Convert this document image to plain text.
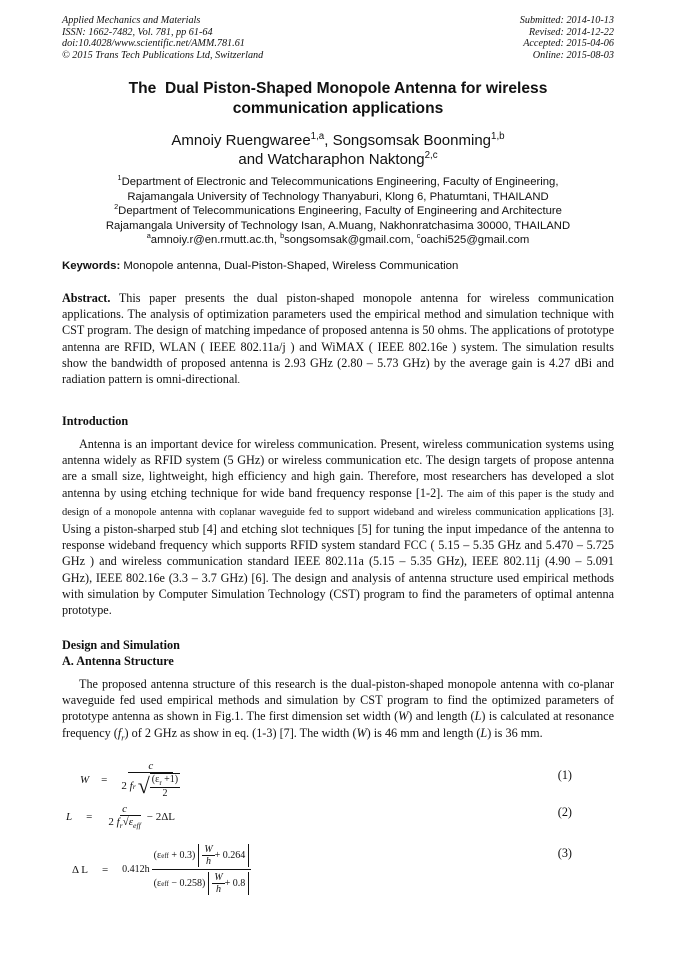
Applied Mechanics and Materials
ISSN: 1662-7482, Vol. 781, pp 61-64
doi:10.4028/www.scientific.net/AMM.781.61
© 2015 Trans Tech Publications Ltd, Switzerland
Submitted: 2014-10-13
Revised: 2014-12-22
Accepted: 2015-04-06
Online: 2015-08-03
The  Dual Piston-Shaped Monopole Antenna for wireless
communication applications
Amnoiy Ruengwaree$^{1,a}$, Songsomsak Boonming$^{1,b}$
and Watcharaphon Naktong$^{2,c}$
$^1$Department of Electronic and Telecommunications Engineering, Faculty of Engineering,
Rajamangala University of Technology Thanyaburi, Klong 6, Phatumtani, THAILAND
$^2$Department of Telecommunications Engineering, Faculty of Engineering and Architecture
Rajamangala University of Technology Isan, A.Muang, Nakhonratchasima 30000, THAILAND
$^a$amnoiy.r@en.rmutt.ac.th, $^b$songsomsak@gmail.com, $^c$oachi525@gmail.com
Keywords: Monopole antenna, Dual-Piston-Shaped, Wireless Communication

Abstract. This paper presents the dual piston-shaped monopole antenna for wireless communication applications. The analysis of optimization parameters used the empirical method and simulation technique with CST program. The design of matching impedance of proposed antenna is 50 ohms. The applications of prototype antenna are RFID, WLAN ( IEEE 802.11a/j ) and WiMAX ( IEEE 802.16e ) system. The simulation results show the bandwidth of proposed antenna is 2.93 GHz (2.80 – 5.73 GHz) by the average gain is 4.27 dBi and radiation pattern is omni-directional.

Introduction

Antenna is an important device for wireless communication. Present, wireless communication systems using antenna widely as RFID system (5 GHz) or wireless communication etc. The design targets of propose antenna are a small size, lightweight, high efficiency and high gain. Therefore, most researchers has developed a slot antenna by using etching technique for wide band frequency response [1-2]. The aim of this paper is the study and design of a monopole antenna with coplanar waveguide fed to support wideband and wireless communication applications [3]. Using a piston-sharped stub [4] and etching slot techniques [5] for tuning the input impedance of the antenna to response wideband frequency which supports RFID system standard FCC ( 5.15 – 5.35 GHz and 5.470 – 5.725 GHz ) and wireless communication standard IEEE 802.11a (5.15 – 5.35 GHz), IEEE 802.11j (4.90 – 5.091 GHz), IEEE 802.16e (3.3 – 3.7 GHz) [6]. The design and analysis of antenna structure used empirical methods with simulation by Computer Simulation Technology (CST) program to find the parameters of optimal antenna prototype.

Design and Simulation
A. Antenna Structure

The proposed antenna structure of this research is the dual-piston-shaped monopole antenna with co-planar waveguide fed used empirical methods and simulation by CST program to find the optimized parameters of prototype antenna as shown in Fig.1. The first dimension set width (W) and length (L) is calculated at resonance frequency $(f_r)$ of 2 GHz as show in eq. (1-3) [7]. The width (W) is 46 mm and length (L) is 36 mm.

W = c
2
f r √ $\frac{(\varepsilon_r +1)}{2}$	(1)
$L = \frac{c}{2 f_r√\varepsilon_{eff}} - 2\Delta L$	(2)
Δ $L = 0.412h \frac{(\varepsilon eff + 0.3) \frac{W}{h} + 0.264}{(\varepsilon eff - 0.258) \frac{W}{h} + 0.8}$	(3)
